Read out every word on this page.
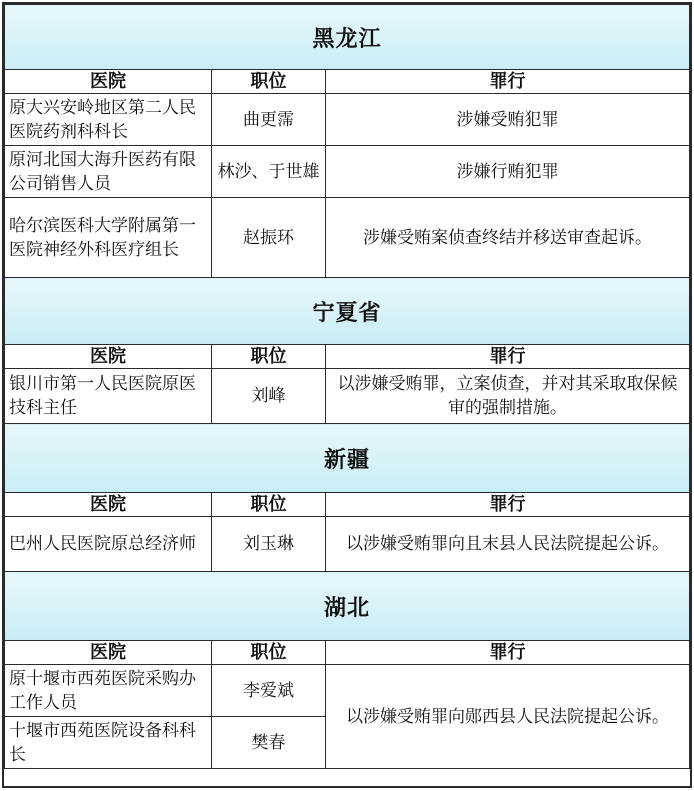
黑龙江		
医院	职位	罪行
原大兴安岭地区第二人民医院药剂科科长	曲更霈	涉嫌受贿犯罪
原河北国大海升医药有限公司销售人员	林沙、于世雄	涉嫌行贿犯罪
哈尔滨医科大学附属第一医院神经外科医疗组长	赵振环	涉嫌受贿案侦查终结并移送审查起诉。
宁夏省		
医院	职位	罪行
银川市第一人民医院原医技科主任	刘峰	以涉嫌受贿罪，立案侦查，并对其采取取保候审的强制措施。
新疆		
医院	职位	罪行
巴州人民医院原总经济师	刘玉琳	以涉嫌受贿罪向且末县人民法院提起公诉。
湖北		
医院	职位	罪行
原十堰市西苑医院采购办工作人员	李爱斌	以涉嫌受贿罪向郧西县人民法院提起公诉。
十堰市西苑医院设备科科长	樊春	
